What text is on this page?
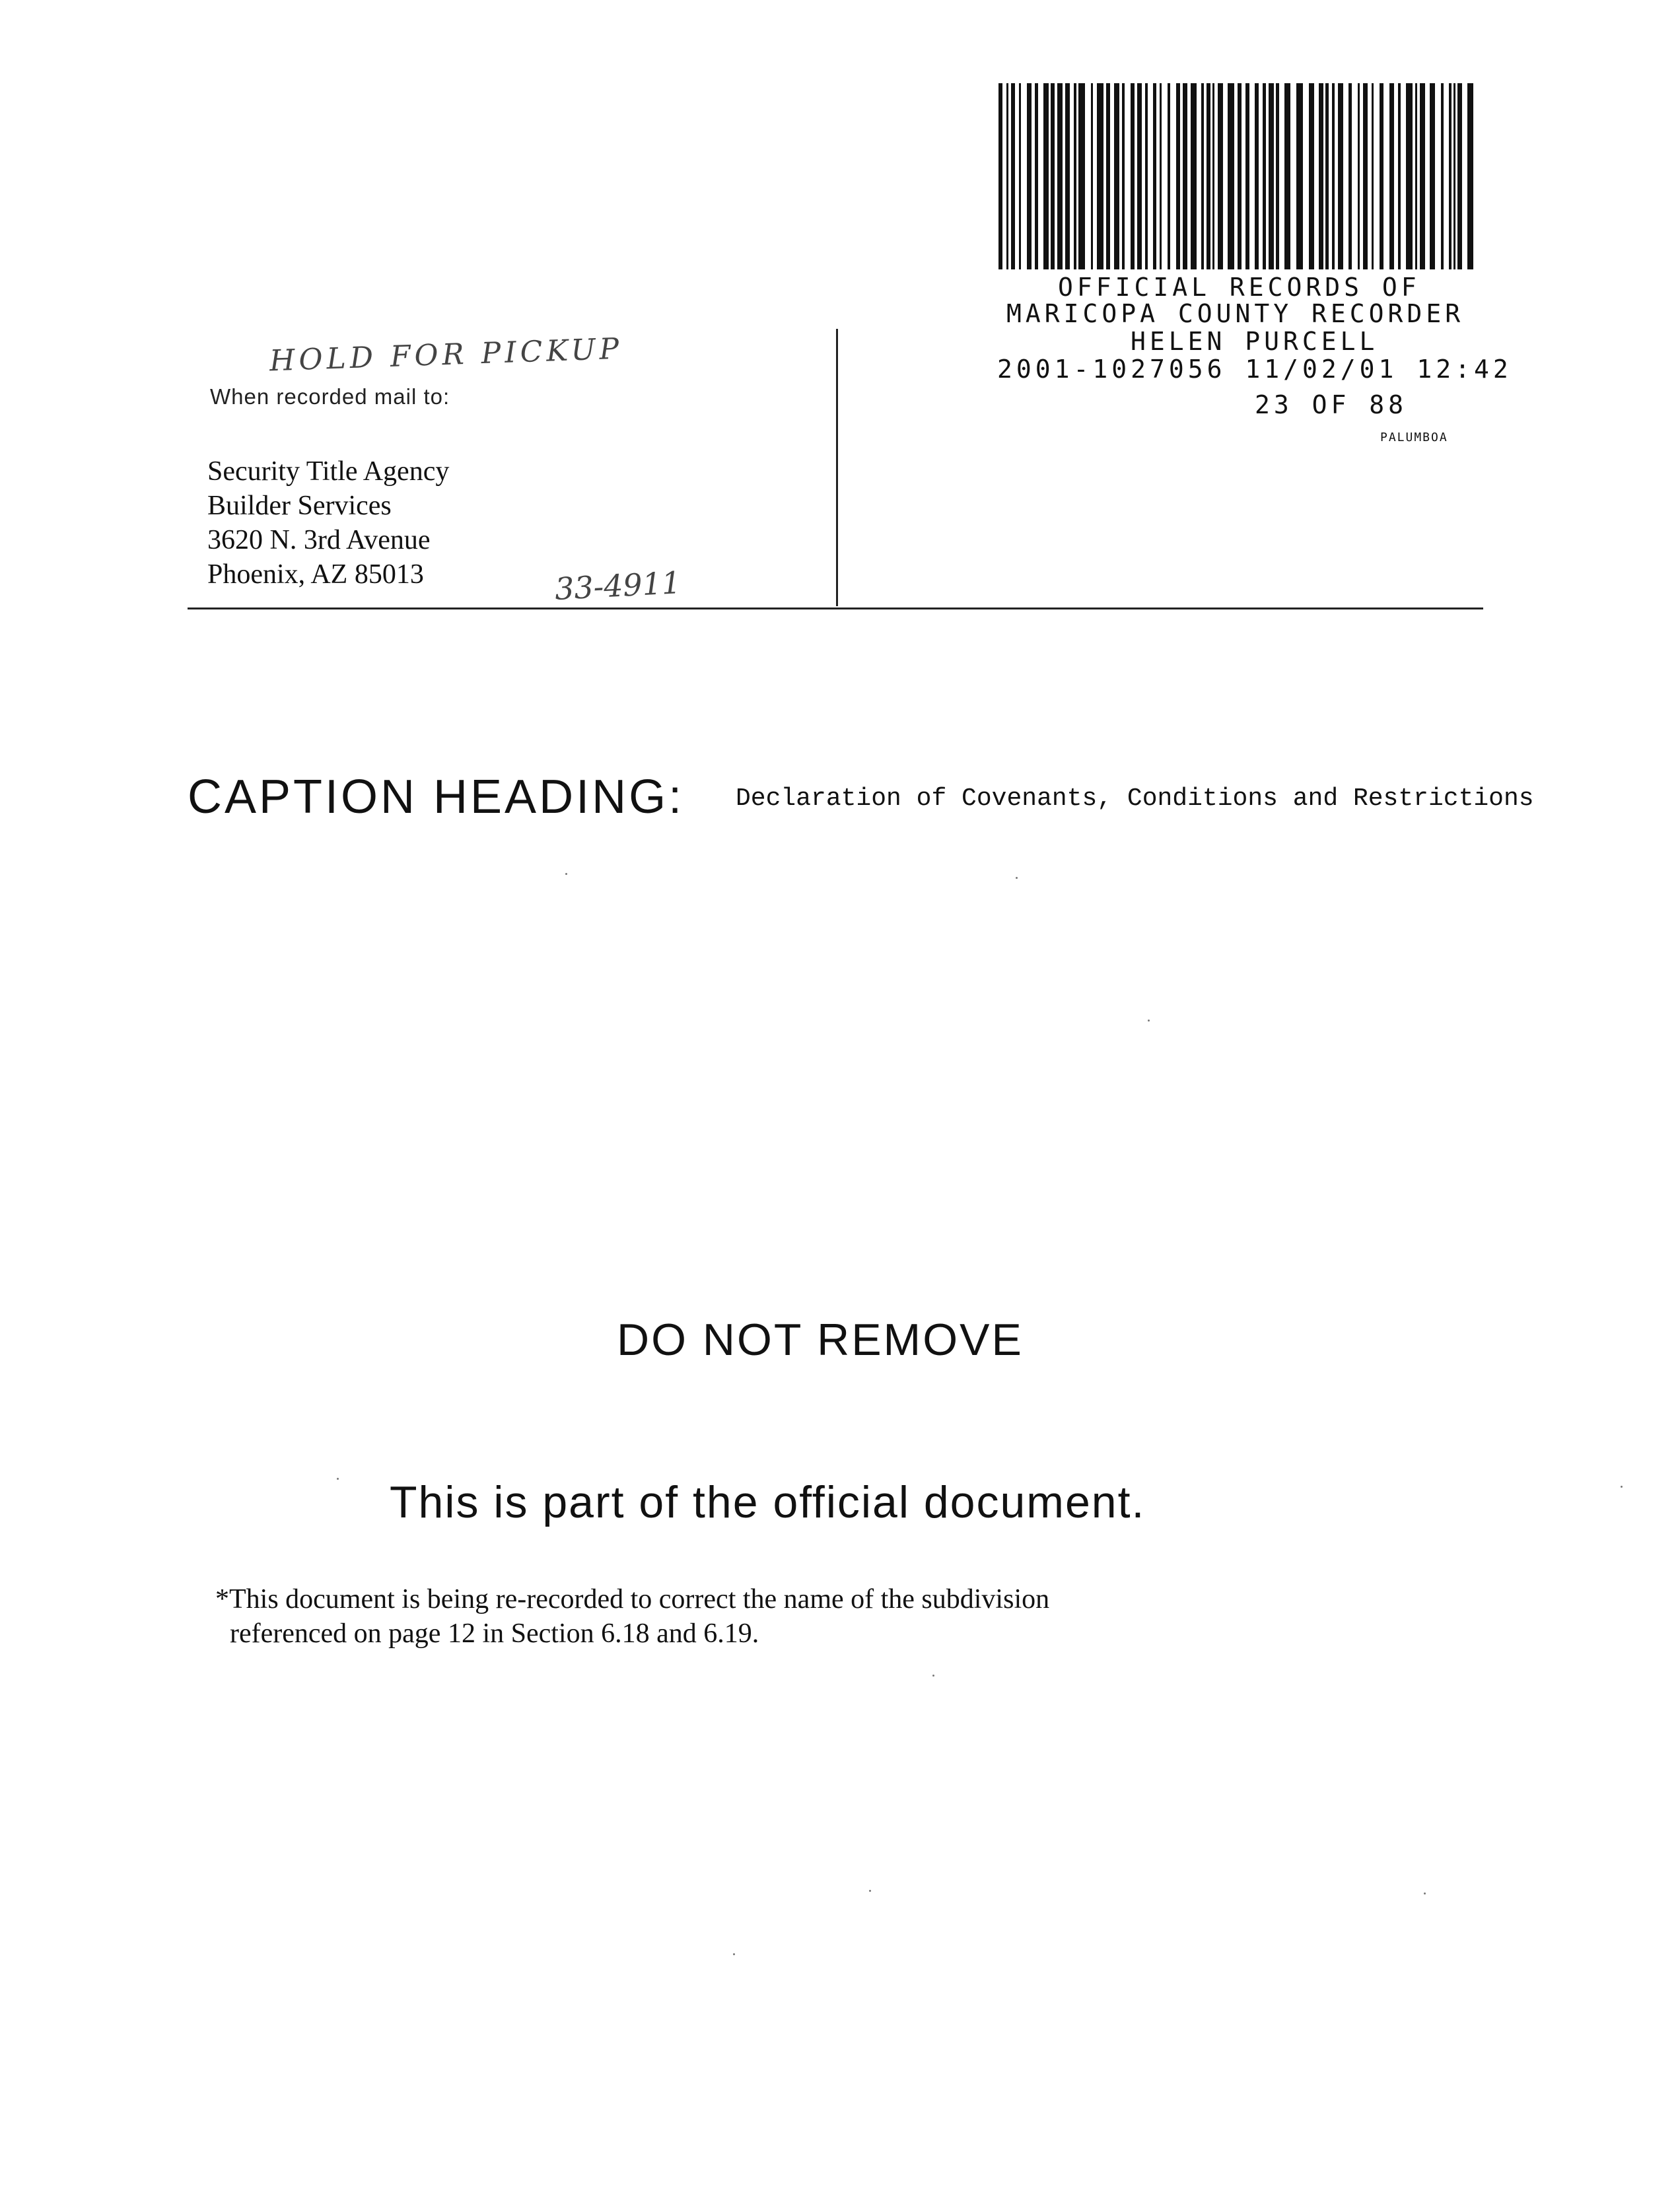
OFFICIAL RECORDS OF
MARICOPA COUNTY RECORDER
HELEN PURCELL
2001-1027056 11/02/01 12:42
23 OF 88
PALUMBOA
HOLD FOR PICKUP
When recorded mail to:
Security Title Agency
Builder Services
3620 N. 3rd Avenue
Phoenix, AZ 85013	33-4911
CAPTION HEADING: Declaration of Covenants, Conditions and Restrictions
DO NOT REMOVE
This is part of the official document.
*This document is being re-recorded to correct the name of the subdivision
referenced on page 12 in Section 6.18 and 6.19.
